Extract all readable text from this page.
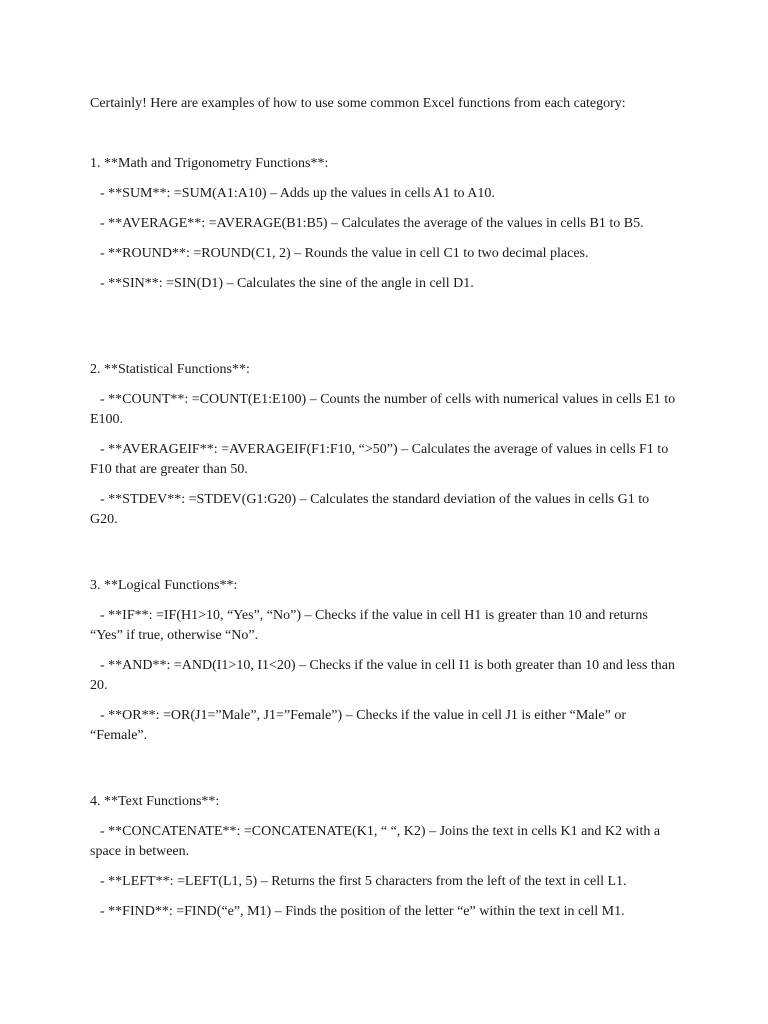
Certainly! Here are examples of how to use some common Excel functions from each category:

1. **Math and Trigonometry Functions**:

- **SUM**: =SUM(A1:A10) – Adds up the values in cells A1 to A10.

- **AVERAGE**: =AVERAGE(B1:B5) – Calculates the average of the values in cells B1 to B5.

- **ROUND**: =ROUND(C1, 2) – Rounds the value in cell C1 to two decimal places.

- **SIN**: =SIN(D1) – Calculates the sine of the angle in cell D1.

2. **Statistical Functions**:

- **COUNT**: =COUNT(E1:E100) – Counts the number of cells with numerical values in cells E1 to E100.

- **AVERAGEIF**: =AVERAGEIF(F1:F10, “>50”) – Calculates the average of values in cells F1 to F10 that are greater than 50.

- **STDEV**: =STDEV(G1:G20) – Calculates the standard deviation of the values in cells G1 to G20.

3. **Logical Functions**:

- **IF**: =IF(H1>10, “Yes”, “No”) – Checks if the value in cell H1 is greater than 10 and returns “Yes” if true, otherwise “No”.

- **AND**: =AND(I1>10, I1<20) – Checks if the value in cell I1 is both greater than 10 and less than 20.

- **OR**: =OR(J1=”Male”, J1=”Female”) – Checks if the value in cell J1 is either “Male” or “Female”.

4. **Text Functions**:

- **CONCATENATE**: =CONCATENATE(K1, “ “, K2) – Joins the text in cells K1 and K2 with a space in between.

- **LEFT**: =LEFT(L1, 5) – Returns the first 5 characters from the left of the text in cell L1.

- **FIND**: =FIND(“e”, M1) – Finds the position of the letter “e” within the text in cell M1.
